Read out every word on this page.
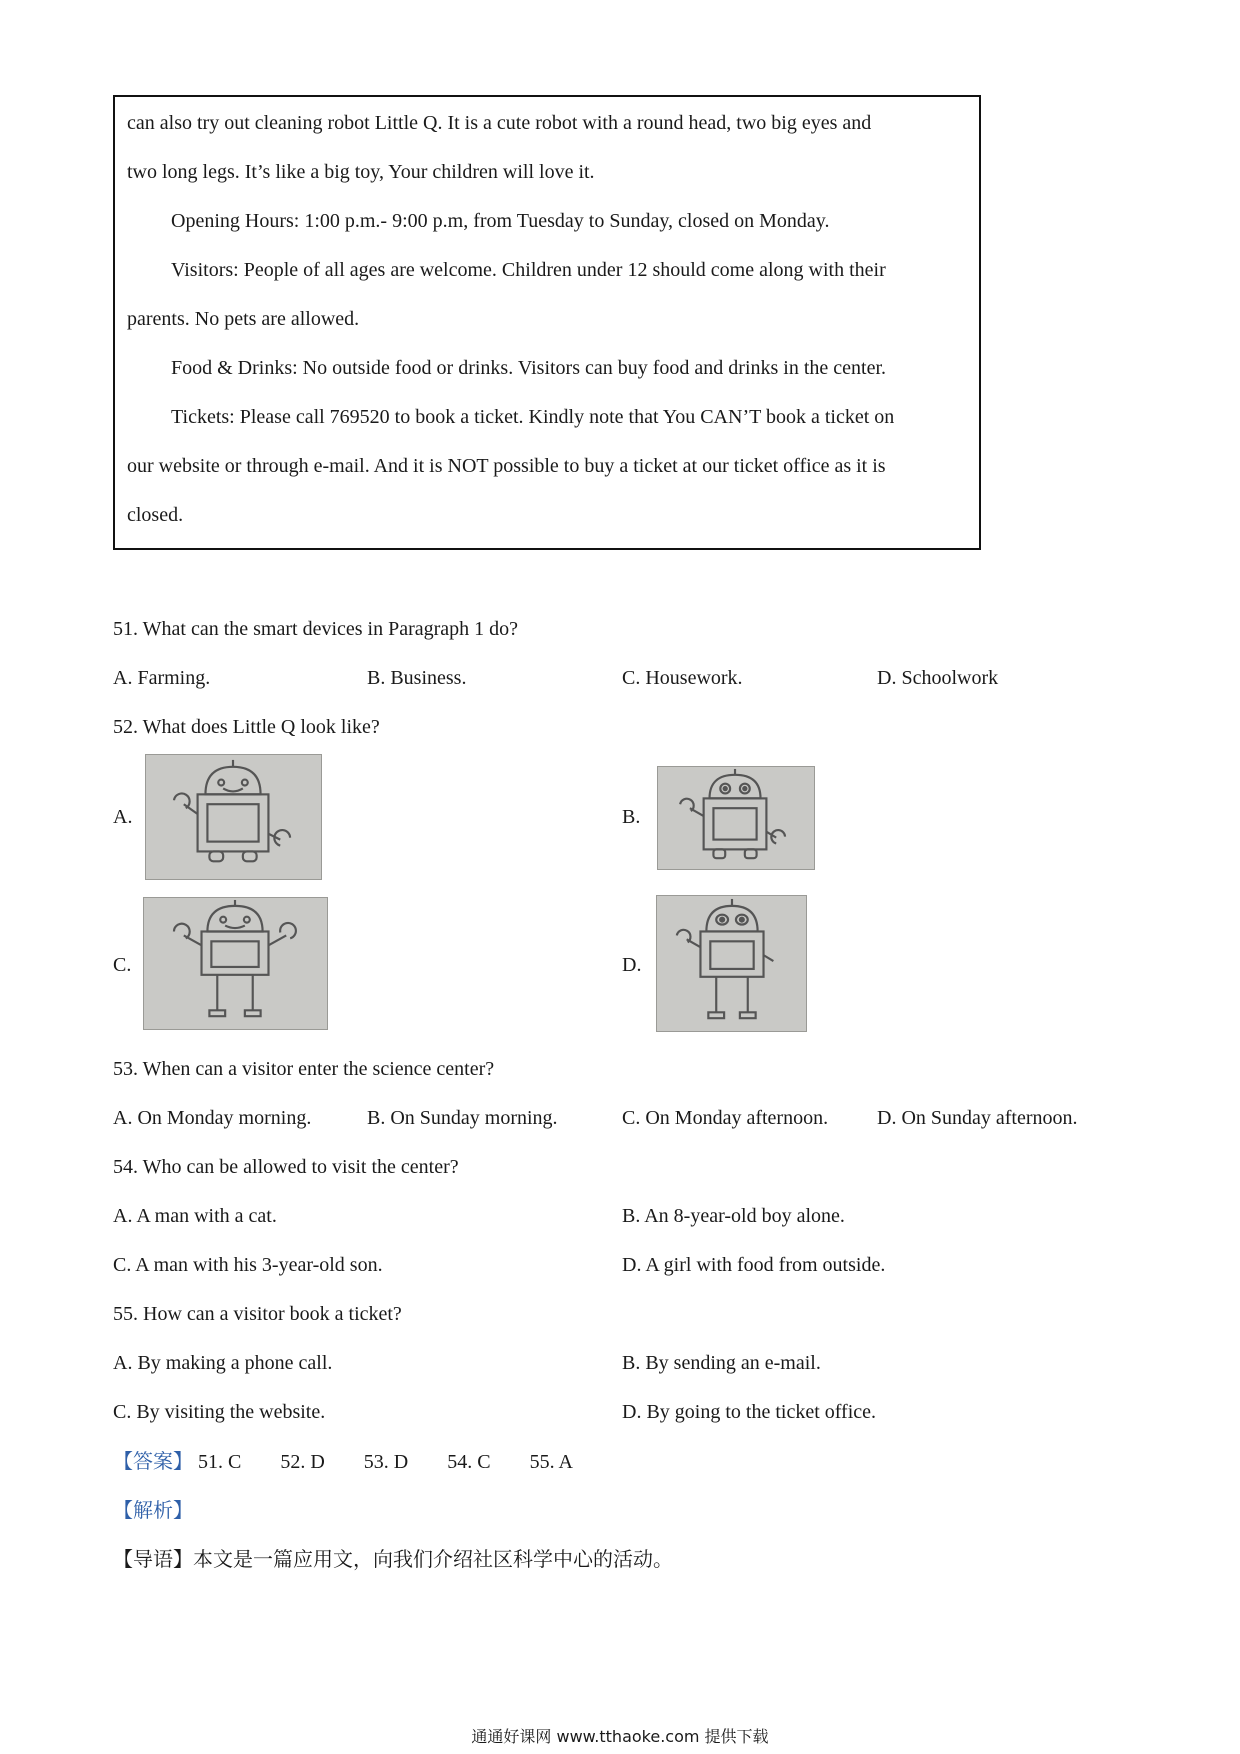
can also try out cleaning robot Little Q. It is a cute robot with a round head, two big eyes and
two long legs. It’s like a big toy, Your children will love it.
Opening Hours: 1:00 p.m.- 9:00 p.m, from Tuesday to Sunday, closed on Monday.
Visitors: People of all ages are welcome. Children under 12 should come along with their
parents. No pets are allowed.
Food & Drinks: No outside food or drinks. Visitors can buy food and drinks in the center.
Tickets: Please call 769520 to book a ticket. Kindly note that You CAN’T book a ticket on
our website or through e-mail. And it is NOT possible to buy a ticket at our ticket office as it is
closed.
51. What can the smart devices in Paragraph 1 do?
A. Farming.	B. Business.	C. Housework.	D. Schoolwork
52. What does Little Q look like?
A.	B.
C.	D.
53. When can a visitor enter the science center?
A. On Monday morning.	B. On Sunday morning.	C. On Monday afternoon. D. On Sunday afternoon.
54. Who can be allowed to visit the center?
A. A man with a cat.	B. An 8-year-old boy alone.
C. A man with his 3-year-old son.	D. A girl with food from outside.
55. How can a visitor book a ticket?
A. By making a phone call.	B. By sending an e-mail.
C. By visiting the website.	D. By going to the ticket office.
【答案】 51. C 52. D 53. D 54. C 55. A
【解析】
【导语】本文是一篇应用文，向我们介绍社区科学中心的活动。
通通好课网 www.tthaoke.com 提供下载
